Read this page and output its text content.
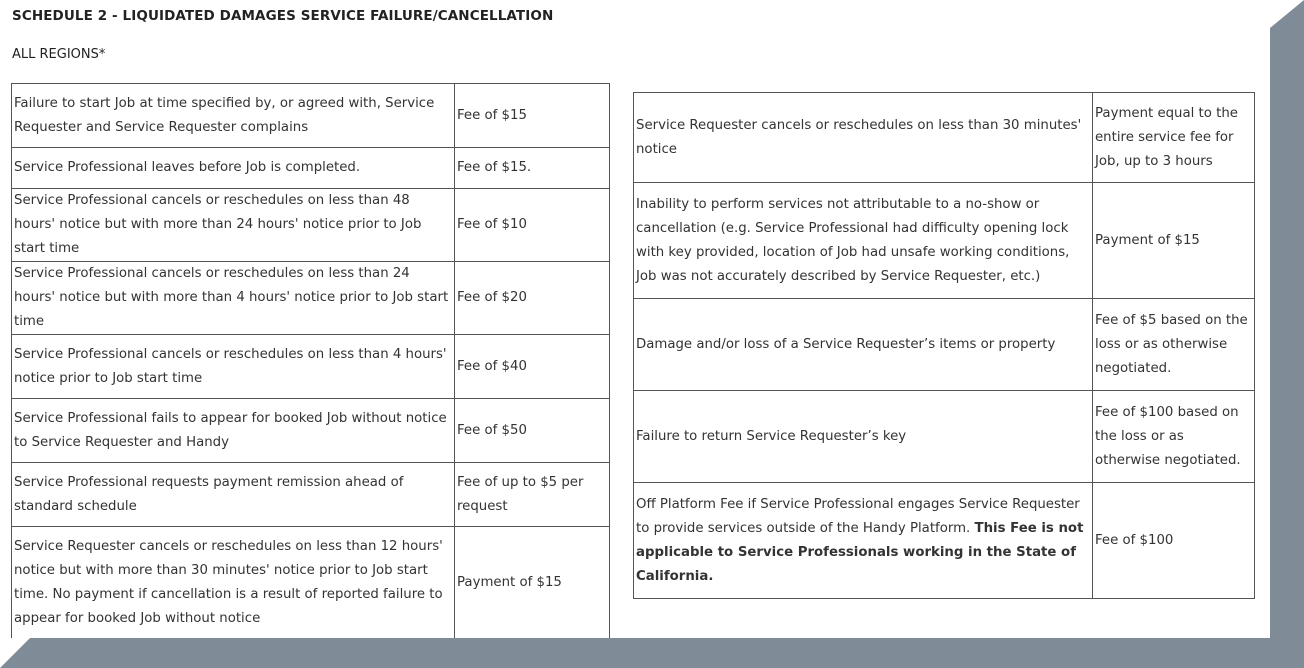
SCHEDULE 2 - LIQUIDATED DAMAGES SERVICE FAILURE/CANCELLATION
ALL REGIONS*
Failure to start Job at time specified by, or agreed with, Service Requester and Service Requester complains	Fee of $15
Service Professional leaves before Job is completed.	Fee of $15.
Service Professional cancels or reschedules on less than 48 hours' notice but with more than 24 hours' notice prior to Job start time	Fee of $10
Service Professional cancels or reschedules on less than 24 hours' notice but with more than 4 hours' notice prior to Job start time	Fee of $20
Service Professional cancels or reschedules on less than 4 hours' notice prior to Job start time	Fee of $40
Service Professional fails to appear for booked Job without notice to Service Requester and Handy	Fee of $50
Service Professional requests payment remission ahead of standard schedule	Fee of up to $5 per request
Service Requester cancels or reschedules on less than 12 hours' notice but with more than 30 minutes' notice prior to Job start time. No payment if cancellation is a result of reported failure to appear for booked Job without notice	Payment of $15

Service Requester cancels or reschedules on less than 30 minutes' notice	Payment equal to the entire service fee for Job, up to 3 hours
Inability to perform services not attributable to a no-show or cancellation (e.g. Service Professional had difficulty opening lock with key provided, location of Job had unsafe working conditions, Job was not accurately described by Service Requester, etc.)	Payment of $15
Damage and/or loss of a Service Requester’s items or property	Fee of $5 based on the loss or as otherwise negotiated.
Failure to return Service Requester’s key	Fee of $100 based on the loss or as otherwise negotiated.
Off Platform Fee if Service Professional engages Service Requester to provide services outside of the Handy Platform. This Fee is not applicable to Service Professionals working in the State of California.	Fee of $100
